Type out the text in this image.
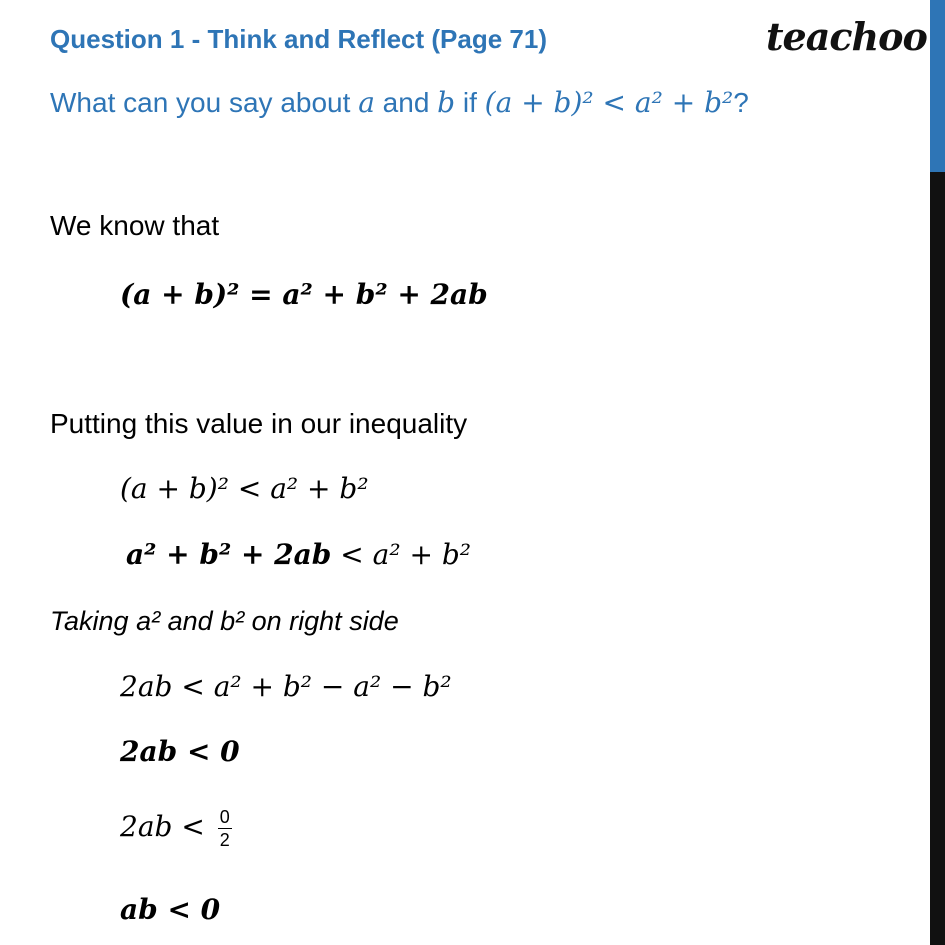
Question 1 - Think and Reflect (Page 71)	teachoo
What can you say about a and b if (a + b)² < a² + b²?
We know that
(a + b)² = a² + b² + 2ab
Putting this value in our inequality
(a + b)² < a² + b²
a² + b² + 2ab < a² + b²
Taking a² and b² on right side
2ab < a² + b² − a² − b²
2ab < 0
$2ab < \frac{0}{2}$
ab < 0
